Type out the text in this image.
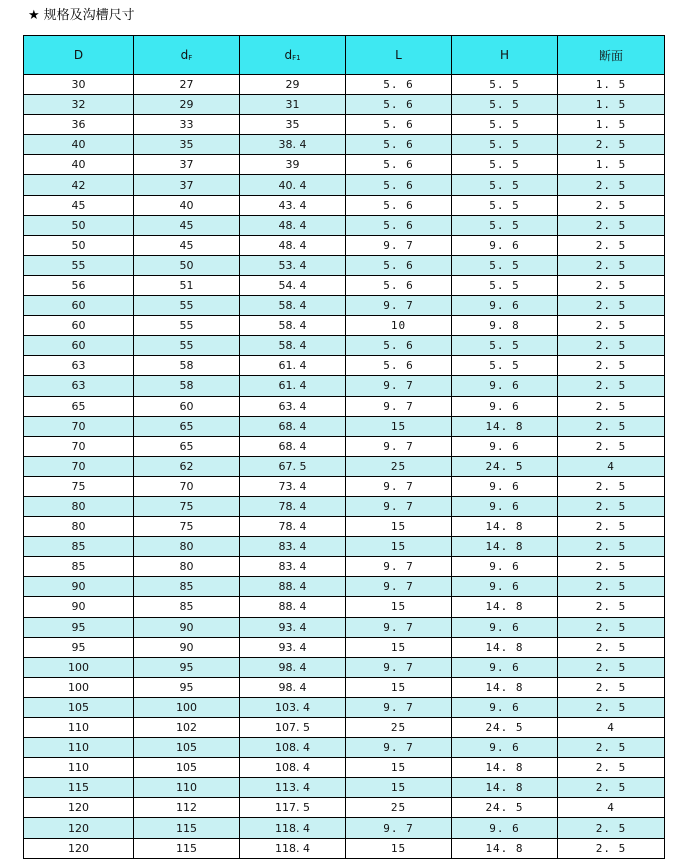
★ 规格及沟槽尺寸
D	$d_F$	$d_{F1}$	L	H	断面
30	27	29	5. 6	5. 5	1. 5
32	29	31	5. 6	5. 5	1. 5
36	33	35	5. 6	5. 5	1. 5
40	35	38. 4	5. 6	5. 5	2. 5
40	37	39	5. 6	5. 5	1. 5
42	37	40. 4	5. 6	5. 5	2. 5
45	40	43. 4	5. 6	5. 5	2. 5
50	45	48. 4	5. 6	5. 5	2. 5
50	45	48. 4	9. 7	9. 6	2. 5
55	50	53. 4	5. 6	5. 5	2. 5
56	51	54. 4	5. 6	5. 5	2. 5
60	55	58. 4	9. 7	9. 6	2. 5
60	55	58. 4	10	9. 8	2. 5
60	55	58. 4	5. 6	5. 5	2. 5
63	58	61. 4	5. 6	5. 5	2. 5
63	58	61. 4	9. 7	9. 6	2. 5
65	60	63. 4	9. 7	9. 6	2. 5
70	65	68. 4	15	14. 8	2. 5
70	65	68. 4	9. 7	9. 6	2. 5
70	62	67. 5	25	24. 5	4
75	70	73. 4	9. 7	9. 6	2. 5
80	75	78. 4	9. 7	9. 6	2. 5
80	75	78. 4	15	14. 8	2. 5
85	80	83. 4	15	14. 8	2. 5
85	80	83. 4	9. 7	9. 6	2. 5
90	85	88. 4	9. 7	9. 6	2. 5
90	85	88. 4	15	14. 8	2. 5
95	90	93. 4	9. 7	9. 6	2. 5
95	90	93. 4	15	14. 8	2. 5
100	95	98. 4	9. 7	9. 6	2. 5
100	95	98. 4	15	14. 8	2. 5
105	100	103. 4	9. 7	9. 6	2. 5
110	102	107. 5	25	24. 5	4
110	105	108. 4	9. 7	9. 6	2. 5
110	105	108. 4	15	14. 8	2. 5
115	110	113. 4	15	14. 8	2. 5
120	112	117. 5	25	24. 5	4
120	115	118. 4	9. 7	9. 6	2. 5
120	115	118. 4	15	14. 8	2. 5
